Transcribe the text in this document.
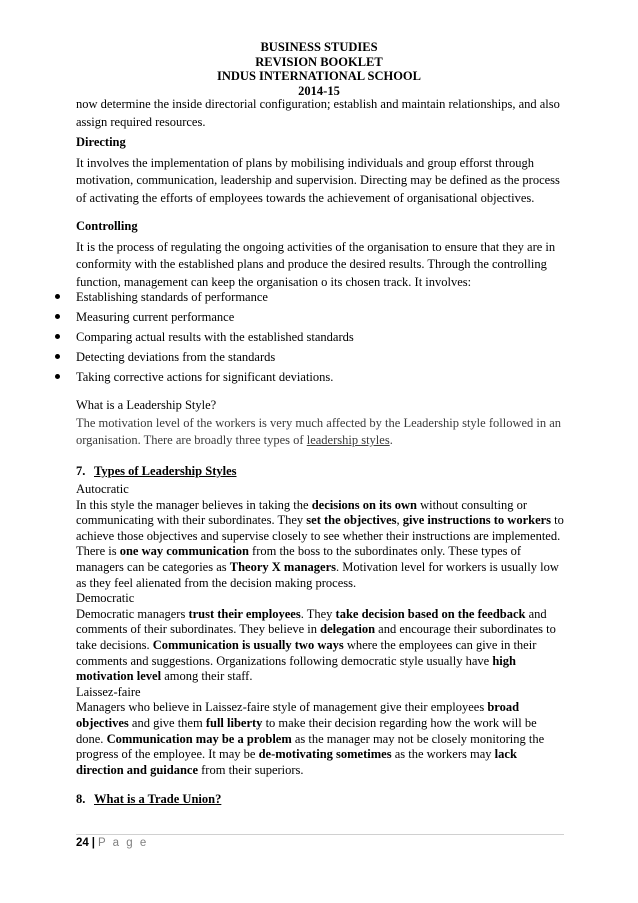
BUSINESS STUDIES
REVISION BOOKLET
INDUS INTERNATIONAL SCHOOL
2014-15

now determine the inside directorial configuration; establish and maintain relationships, and also assign required resources.

Directing

It involves the implementation of plans by mobilising individuals and group efforst through motivation, communication, leadership and supervision. Directing may be defined as the process of activating the efforts of employees towards the achievement of organisational objectives.

Controlling

It is the process of regulating the ongoing activities of the organisation to ensure that they are in conformity with the established plans and produce the desired results. Through the controlling function, management can keep the organisation o its chosen track. It involves:

Establishing standards of performance
Measuring current performance
Comparing actual results with the established standards
Detecting deviations from the standards
Taking corrective actions for significant deviations.

What is a Leadership Style?

The motivation level of the workers is very much affected by the Leadership style followed in an organisation. There are broadly three types of leadership styles.

7. Types of Leadership Styles

Autocratic

In this style the manager believes in taking the decisions on its own without consulting or communicating with their subordinates. They set the objectives, give instructions to workers to achieve those objectives and supervise closely to see whether their instructions are implemented. There is one way communication from the boss to the subordinates only. These types of managers can be categories as Theory X managers. Motivation level for workers is usually low as they feel alienated from the decision making process.

Democratic

Democratic managers trust their employees. They take decision based on the feedback and comments of their subordinates. They believe in delegation and encourage their subordinates to take decisions. Communication is usually two ways where the employees can give in their comments and suggestions. Organizations following democratic style usually have high motivation level among their staff.

Laissez-faire

Managers who believe in Laissez-faire style of management give their employees broad objectives and give them full liberty to make their decision regarding how the work will be done. Communication may be a problem as the manager may not be closely monitoring the progress of the employee. It may be de-motivating sometimes as the workers may lack direction and guidance from their superiors.

8. What is a Trade Union?
24 | P a g e
